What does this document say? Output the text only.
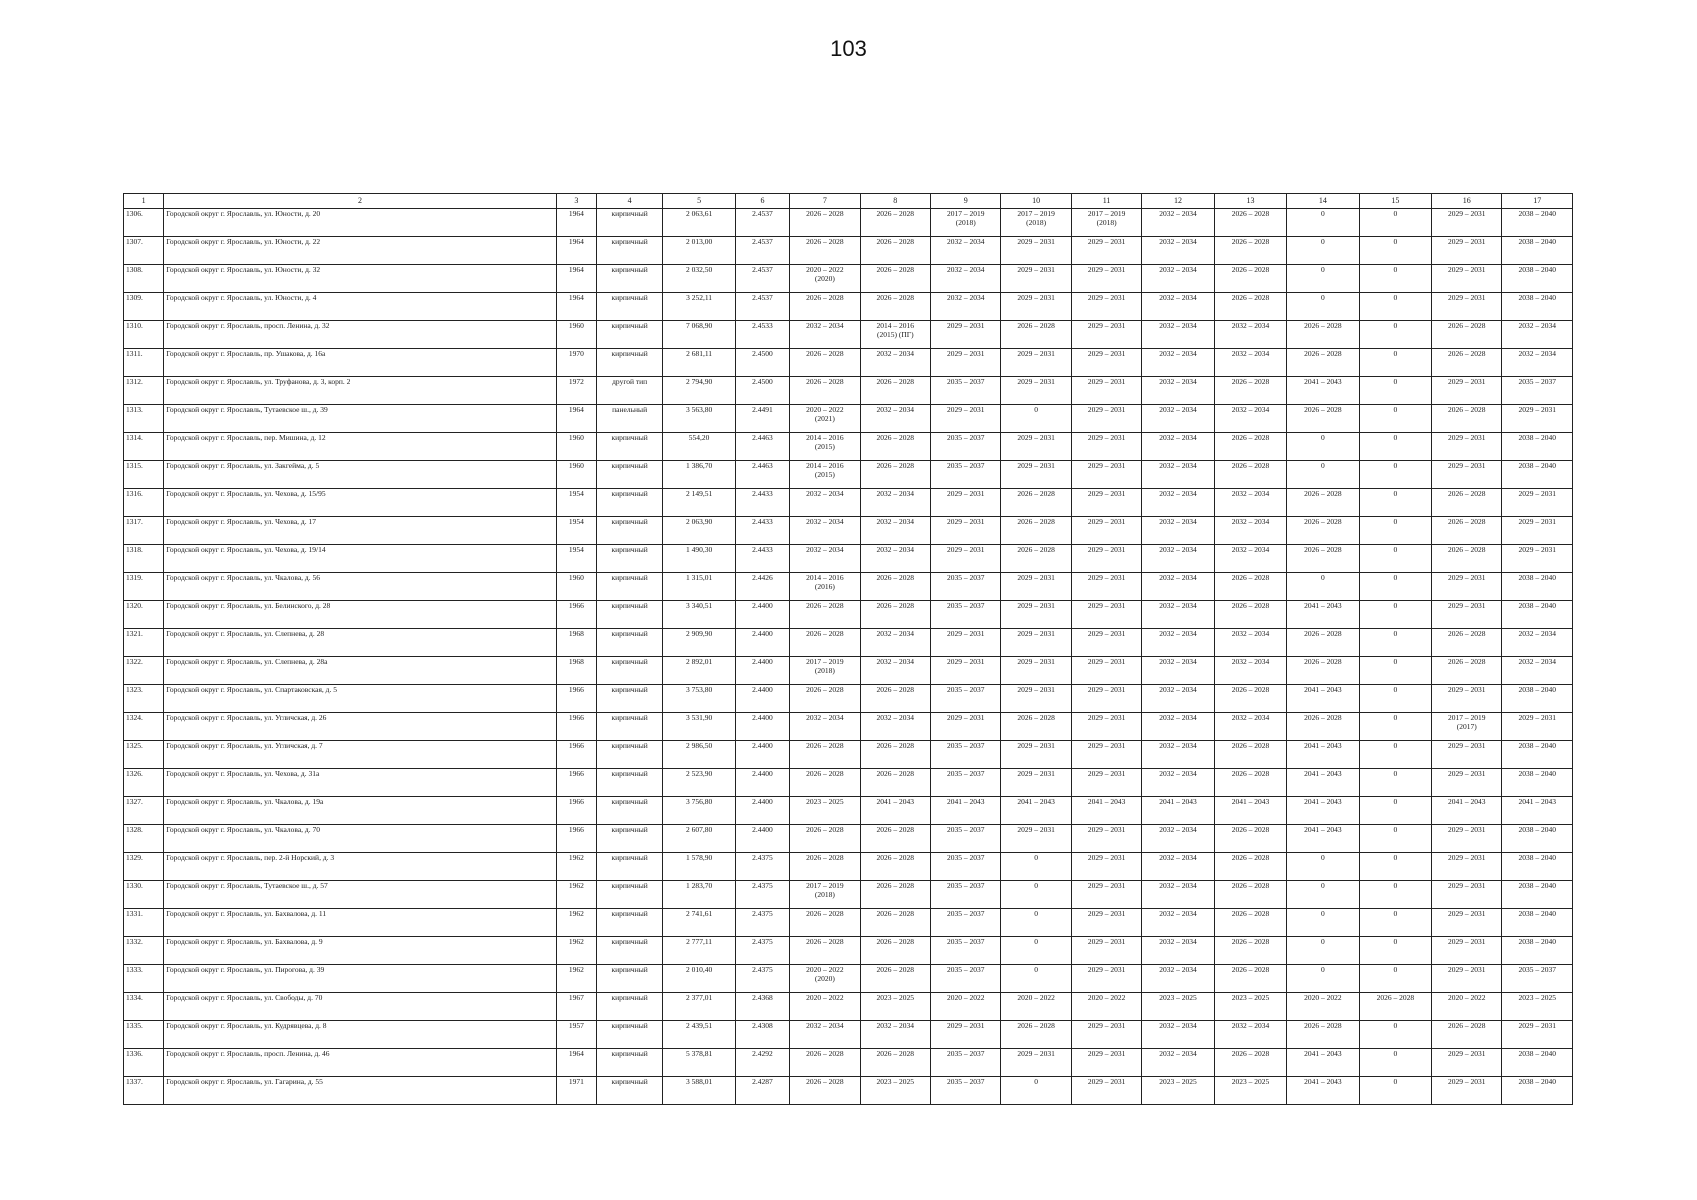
103
1	2	3	4	5	6	7	8	9	10	11	12	13	14	15	16	17
1306.	Городской округ г. Ярославль, ул. Юности, д. 20	1964	кирпичный	2 063,61	2.4537	2026 – 2028	2026 – 2028	2017 – 2019
(2018)	2017 – 2019
(2018)	2017 – 2019
(2018)	2032 – 2034	2026 – 2028	0	0	2029 – 2031	2038 – 2040
1307.	Городской округ г. Ярославль, ул. Юности, д. 22	1964	кирпичный	2 013,00	2.4537	2026 – 2028	2026 – 2028	2032 – 2034	2029 – 2031	2029 – 2031	2032 – 2034	2026 – 2028	0	0	2029 – 2031	2038 – 2040
1308.	Городской округ г. Ярославль, ул. Юности, д. 32	1964	кирпичный	2 032,50	2.4537	2020 – 2022
(2020)	2026 – 2028	2032 – 2034	2029 – 2031	2029 – 2031	2032 – 2034	2026 – 2028	0	0	2029 – 2031	2038 – 2040
1309.	Городской округ г. Ярославль, ул. Юности, д. 4	1964	кирпичный	3 252,11	2.4537	2026 – 2028	2026 – 2028	2032 – 2034	2029 – 2031	2029 – 2031	2032 – 2034	2026 – 2028	0	0	2029 – 2031	2038 – 2040
1310.	Городской округ г. Ярославль, просп. Ленина, д. 32	1960	кирпичный	7 068,90	2.4533	2032 – 2034	2014 – 2016
(2015) (ПГ)	2029 – 2031	2026 – 2028	2029 – 2031	2032 – 2034	2032 – 2034	2026 – 2028	0	2026 – 2028	2032 – 2034
1311.	Городской округ г. Ярославль, пр. Ушакова, д. 16а	1970	кирпичный	2 681,11	2.4500	2026 – 2028	2032 – 2034	2029 – 2031	2029 – 2031	2029 – 2031	2032 – 2034	2032 – 2034	2026 – 2028	0	2026 – 2028	2032 – 2034
1312.	Городской округ г. Ярославль, ул. Труфанова, д. 3, корп. 2	1972	другой тип	2 794,90	2.4500	2026 – 2028	2026 – 2028	2035 – 2037	2029 – 2031	2029 – 2031	2032 – 2034	2026 – 2028	2041 – 2043	0	2029 – 2031	2035 – 2037
1313.	Городской округ г. Ярославль, Тутаевское ш., д. 39	1964	панельный	3 563,80	2.4491	2020 – 2022
(2021)	2032 – 2034	2029 – 2031	0	2029 – 2031	2032 – 2034	2032 – 2034	2026 – 2028	0	2026 – 2028	2029 – 2031
1314.	Городской округ г. Ярославль, пер. Мишина, д. 12	1960	кирпичный	554,20	2.4463	2014 – 2016
(2015)	2026 – 2028	2035 – 2037	2029 – 2031	2029 – 2031	2032 – 2034	2026 – 2028	0	0	2029 – 2031	2038 – 2040
1315.	Городской округ г. Ярославль, ул. Закгейма, д. 5	1960	кирпичный	1 386,70	2.4463	2014 – 2016
(2015)	2026 – 2028	2035 – 2037	2029 – 2031	2029 – 2031	2032 – 2034	2026 – 2028	0	0	2029 – 2031	2038 – 2040
1316.	Городской округ г. Ярославль, ул. Чехова, д. 15/95	1954	кирпичный	2 149,51	2.4433	2032 – 2034	2032 – 2034	2029 – 2031	2026 – 2028	2029 – 2031	2032 – 2034	2032 – 2034	2026 – 2028	0	2026 – 2028	2029 – 2031
1317.	Городской округ г. Ярославль, ул. Чехова, д. 17	1954	кирпичный	2 063,90	2.4433	2032 – 2034	2032 – 2034	2029 – 2031	2026 – 2028	2029 – 2031	2032 – 2034	2032 – 2034	2026 – 2028	0	2026 – 2028	2029 – 2031
1318.	Городской округ г. Ярославль, ул. Чехова, д. 19/14	1954	кирпичный	1 490,30	2.4433	2032 – 2034	2032 – 2034	2029 – 2031	2026 – 2028	2029 – 2031	2032 – 2034	2032 – 2034	2026 – 2028	0	2026 – 2028	2029 – 2031
1319.	Городской округ г. Ярославль, ул. Чкалова, д. 56	1960	кирпичный	1 315,01	2.4426	2014 – 2016
(2016)	2026 – 2028	2035 – 2037	2029 – 2031	2029 – 2031	2032 – 2034	2026 – 2028	0	0	2029 – 2031	2038 – 2040
1320.	Городской округ г. Ярославль, ул. Белинского, д. 28	1966	кирпичный	3 340,51	2.4400	2026 – 2028	2026 – 2028	2035 – 2037	2029 – 2031	2029 – 2031	2032 – 2034	2026 – 2028	2041 – 2043	0	2029 – 2031	2038 – 2040
1321.	Городской округ г. Ярославль, ул. Слепнева, д. 28	1968	кирпичный	2 909,90	2.4400	2026 – 2028	2032 – 2034	2029 – 2031	2029 – 2031	2029 – 2031	2032 – 2034	2032 – 2034	2026 – 2028	0	2026 – 2028	2032 – 2034
1322.	Городской округ г. Ярославль, ул. Слепнева, д. 28а	1968	кирпичный	2 892,01	2.4400	2017 – 2019
(2018)	2032 – 2034	2029 – 2031	2029 – 2031	2029 – 2031	2032 – 2034	2032 – 2034	2026 – 2028	0	2026 – 2028	2032 – 2034
1323.	Городской округ г. Ярославль, ул. Спартаковская, д. 5	1966	кирпичный	3 753,80	2.4400	2026 – 2028	2026 – 2028	2035 – 2037	2029 – 2031	2029 – 2031	2032 – 2034	2026 – 2028	2041 – 2043	0	2029 – 2031	2038 – 2040
1324.	Городской округ г. Ярославль, ул. Угличская, д. 26	1966	кирпичный	3 531,90	2.4400	2032 – 2034	2032 – 2034	2029 – 2031	2026 – 2028	2029 – 2031	2032 – 2034	2032 – 2034	2026 – 2028	0	2017 – 2019
(2017)	2029 – 2031
1325.	Городской округ г. Ярославль, ул. Угличская, д. 7	1966	кирпичный	2 986,50	2.4400	2026 – 2028	2026 – 2028	2035 – 2037	2029 – 2031	2029 – 2031	2032 – 2034	2026 – 2028	2041 – 2043	0	2029 – 2031	2038 – 2040
1326.	Городской округ г. Ярославль, ул. Чехова, д. 31а	1966	кирпичный	2 523,90	2.4400	2026 – 2028	2026 – 2028	2035 – 2037	2029 – 2031	2029 – 2031	2032 – 2034	2026 – 2028	2041 – 2043	0	2029 – 2031	2038 – 2040
1327.	Городской округ г. Ярославль, ул. Чкалова, д. 19а	1966	кирпичный	3 756,80	2.4400	2023 – 2025	2041 – 2043	2041 – 2043	2041 – 2043	2041 – 2043	2041 – 2043	2041 – 2043	2041 – 2043	0	2041 – 2043	2041 – 2043
1328.	Городской округ г. Ярославль, ул. Чкалова, д. 70	1966	кирпичный	2 607,80	2.4400	2026 – 2028	2026 – 2028	2035 – 2037	2029 – 2031	2029 – 2031	2032 – 2034	2026 – 2028	2041 – 2043	0	2029 – 2031	2038 – 2040
1329.	Городской округ г. Ярославль, пер. 2-й Норский, д. 3	1962	кирпичный	1 578,90	2.4375	2026 – 2028	2026 – 2028	2035 – 2037	0	2029 – 2031	2032 – 2034	2026 – 2028	0	0	2029 – 2031	2038 – 2040
1330.	Городской округ г. Ярославль, Тутаевское ш., д. 57	1962	кирпичный	1 283,70	2.4375	2017 – 2019
(2018)	2026 – 2028	2035 – 2037	0	2029 – 2031	2032 – 2034	2026 – 2028	0	0	2029 – 2031	2038 – 2040
1331.	Городской округ г. Ярославль, ул. Бахвалова, д. 11	1962	кирпичный	2 741,61	2.4375	2026 – 2028	2026 – 2028	2035 – 2037	0	2029 – 2031	2032 – 2034	2026 – 2028	0	0	2029 – 2031	2038 – 2040
1332.	Городской округ г. Ярославль, ул. Бахвалова, д. 9	1962	кирпичный	2 777,11	2.4375	2026 – 2028	2026 – 2028	2035 – 2037	0	2029 – 2031	2032 – 2034	2026 – 2028	0	0	2029 – 2031	2038 – 2040
1333.	Городской округ г. Ярославль, ул. Пирогова, д. 39	1962	кирпичный	2 010,40	2.4375	2020 – 2022
(2020)	2026 – 2028	2035 – 2037	0	2029 – 2031	2032 – 2034	2026 – 2028	0	0	2029 – 2031	2035 – 2037
1334.	Городской округ г. Ярославль, ул. Свободы, д. 70	1967	кирпичный	2 377,01	2.4368	2020 – 2022	2023 – 2025	2020 – 2022	2020 – 2022	2020 – 2022	2023 – 2025	2023 – 2025	2020 – 2022	2026 – 2028	2020 – 2022	2023 – 2025
1335.	Городской округ г. Ярославль, ул. Кудрявцева, д. 8	1957	кирпичный	2 439,51	2.4308	2032 – 2034	2032 – 2034	2029 – 2031	2026 – 2028	2029 – 2031	2032 – 2034	2032 – 2034	2026 – 2028	0	2026 – 2028	2029 – 2031
1336.	Городской округ г. Ярославль, просп. Ленина, д. 46	1964	кирпичный	5 378,81	2.4292	2026 – 2028	2026 – 2028	2035 – 2037	2029 – 2031	2029 – 2031	2032 – 2034	2026 – 2028	2041 – 2043	0	2029 – 2031	2038 – 2040
1337.	Городской округ г. Ярославль, ул. Гагарина, д. 55	1971	кирпичный	3 588,01	2.4287	2026 – 2028	2023 – 2025	2035 – 2037	0	2029 – 2031	2023 – 2025	2023 – 2025	2041 – 2043	0	2029 – 2031	2038 – 2040
